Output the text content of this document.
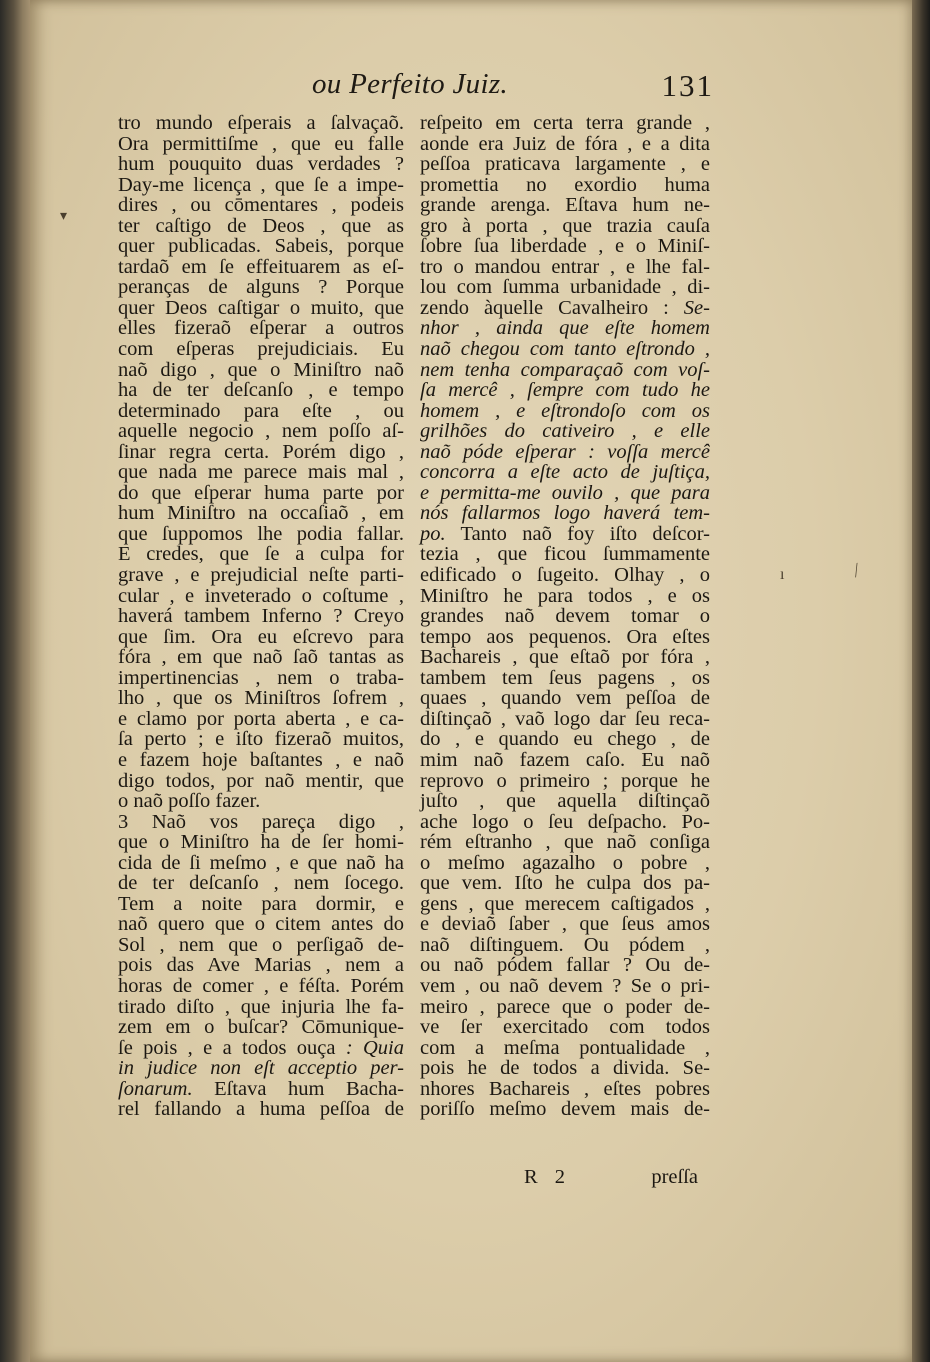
ou Perfeito Juiz.	131
tro mundo eſperais a ſalvaçaõ.
Ora permittiſme , que eu falle
hum pouquito duas verdades ?
Day-me licença , que ſe a impe-
dires , ou cōmentares , podeis
ter caſtigo de Deos , que as
quer publicadas. Sabeis, porque
tardaõ em ſe effeituarem as eſ-
peranças de alguns ? Porque
quer Deos caſtigar o muito, que
elles fizeraõ eſperar a outros
com eſperas prejudiciais. Eu
naõ digo , que o Miniſtro naõ
ha de ter deſcanſo , e tempo
determinado para eſte , ou
aquelle negocio , nem poſſo aſ-
ſinar regra certa. Porém digo ,
que nada me parece mais mal ,
do que eſperar huma parte por
hum Miniſtro na occaſiaõ , em
que ſuppomos lhe podia fallar.
E credes, que ſe a culpa for
grave , e prejudicial neſte parti-
cular , e inveterado o coſtume ,
haverá tambem Inferno ? Creyo
que ſim. Ora eu eſcrevo para
fóra , em que naõ ſaõ tantas as
impertinencias , nem o traba-
lho , que os Miniſtros ſofrem ,
e clamo por porta aberta , e ca-
ſa perto ; e iſto fizeraõ muitos,
e fazem hoje baſtantes , e naõ
digo todos, por naõ mentir, que
o naõ poſſo fazer.
3 Naõ vos pareça digo ,
que o Miniſtro ha de ſer homi-
cida de ſi meſmo , e que naõ ha
de ter deſcanſo , nem ſocego.
Tem a noite para dormir, e
naõ quero que o citem antes do
Sol , nem que o perſigaõ de-
pois das Ave Marias , nem a
horas de comer , e féſta. Porém
tirado diſto , que injuria lhe fa-
zem em o buſcar? Cōmunique-
ſe pois , e a todos ouça : Quia
in judice non eſt acceptio per-
ſonarum. Eſtava hum Bacha-
rel fallando a huma peſſoa de
reſpeito em certa terra grande ,
aonde era Juiz de fóra , e a dita
peſſoa praticava largamente , e
promettia no exordio huma
grande arenga. Eſtava hum ne-
gro à porta , que trazia cauſa
ſobre ſua liberdade , e o Miniſ-
tro o mandou entrar , e lhe fal-
lou com ſumma urbanidade , di-
zendo àquelle Cavalheiro : Se-
nhor , ainda que eſte homem
naõ chegou com tanto eſtrondo ,
nem tenha comparaçaõ com voſ-
ſa mercê , ſempre com tudo he
homem , e eſtrondoſo com os
grilhões do cativeiro , e elle
naõ póde eſperar : voſſa mercê
concorra a eſte acto de juſtiça,
e permitta-me ouvilo , que para
nós fallarmos logo haverá tem-
po. Tanto naõ foy iſto deſcor-
tezia , que ficou ſummamente
edificado o ſugeito. Olhay , o
Miniſtro he para todos , e os
grandes naõ devem tomar o
tempo aos pequenos. Ora eſtes
Bachareis , que eſtaõ por fóra ,
tambem tem ſeus pagens , os
quaes , quando vem peſſoa de
diſtinçaõ , vaõ logo dar ſeu reca-
do , e quando eu chego , de
mim naõ fazem caſo. Eu naõ
reprovo o primeiro ; porque he
juſto , que aquella diſtinçaõ
ache logo o ſeu deſpacho. Po-
rém eſtranho , que naõ conſiga
o meſmo agazalho o pobre ,
que vem. Iſto he culpa dos pa-
gens , que merecem caſtigados ,
e deviaõ ſaber , que ſeus amos
naõ diſtinguem. Ou pódem ,
ou naõ pódem fallar ? Ou de-
vem , ou naõ devem ? Se o pri-
meiro , parece que o poder de-
ve ſer exercitado com todos
com a meſma pontualidade ,
pois he de todos a divida. Se-
nhores Bachareis , eſtes pobres
poriſſo meſmo devem mais de-
R 2	preſſa
▾
ı	⁄
